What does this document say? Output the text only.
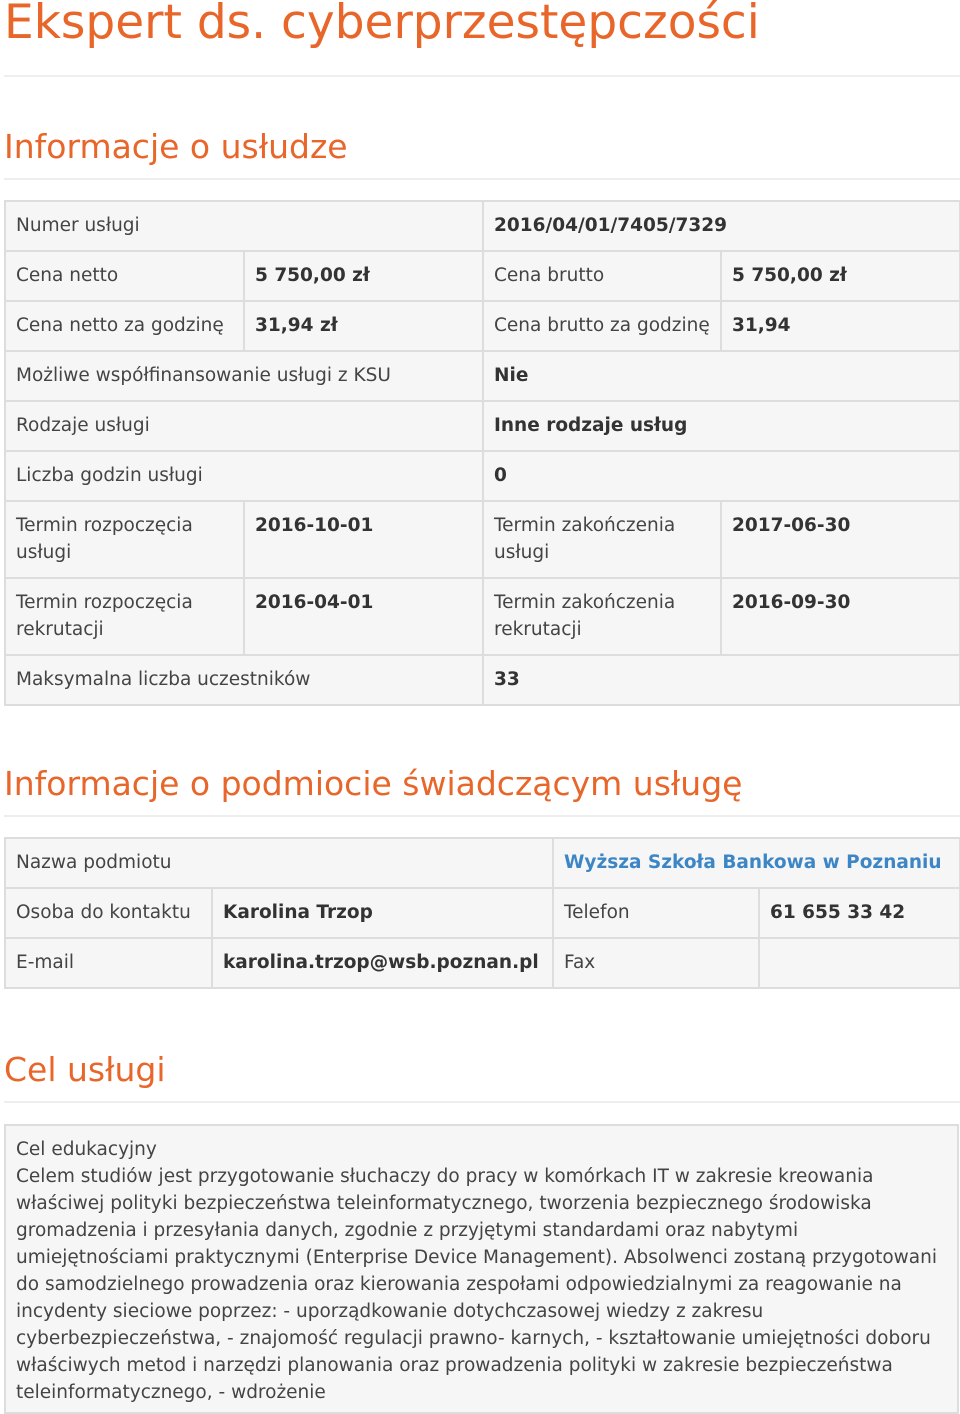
Ekspert ds. cyberprzestępczości
Informacje o usłudze
Numer usługi		2016/04/01/7405/7329	
Cena netto	5 750,00 zł	Cena brutto	5 750,00 zł
Cena netto za godzinę	31,94 zł	Cena brutto za godzinę	31,94
Możliwe współfinansowanie usługi z KSU		Nie	
Rodzaje usługi		Inne rodzaje usług	
Liczba godzin usługi		0	
Termin rozpoczęcia usługi	2016-10-01	Termin zakończenia usługi	2017-06-30
Termin rozpoczęcia rekrutacji	2016-04-01	Termin zakończenia rekrutacji	2016-09-30
Maksymalna liczba uczestników		33	
Informacje o podmiocie świadczącym usługę
Nazwa podmiotu		Wyższa Szkoła Bankowa w Poznaniu	
Osoba do kontaktu	Karolina Trzop	Telefon	61 655 33 42
E-mail	karolina.trzop@wsb.poznan.pl	Fax	
Cel usługi

Cel edukacyjny

Celem studiów jest przygotowanie słuchaczy do pracy w komórkach IT w zakresie kreowania właściwej polityki bezpieczeństwa teleinformatycznego, tworzenia bezpiecznego środowiska gromadzenia i przesyłania danych, zgodnie z przyjętymi standardami oraz nabytymi umiejętnościami praktycznymi (Enterprise Device Management). Absolwenci zostaną przygotowani do samodzielnego prowadzenia oraz kierowania zespołami odpowiedzialnymi za reagowanie na incydenty sieciowe poprzez: - uporządkowanie dotychczasowej wiedzy z zakresu cyberbezpieczeństwa, - znajomość regulacji prawno- karnych, - kształtowanie umiejętności doboru właściwych metod i narzędzi planowania oraz prowadzenia polityki w zakresie bezpieczeństwa teleinformatycznego, - wdrożenie
